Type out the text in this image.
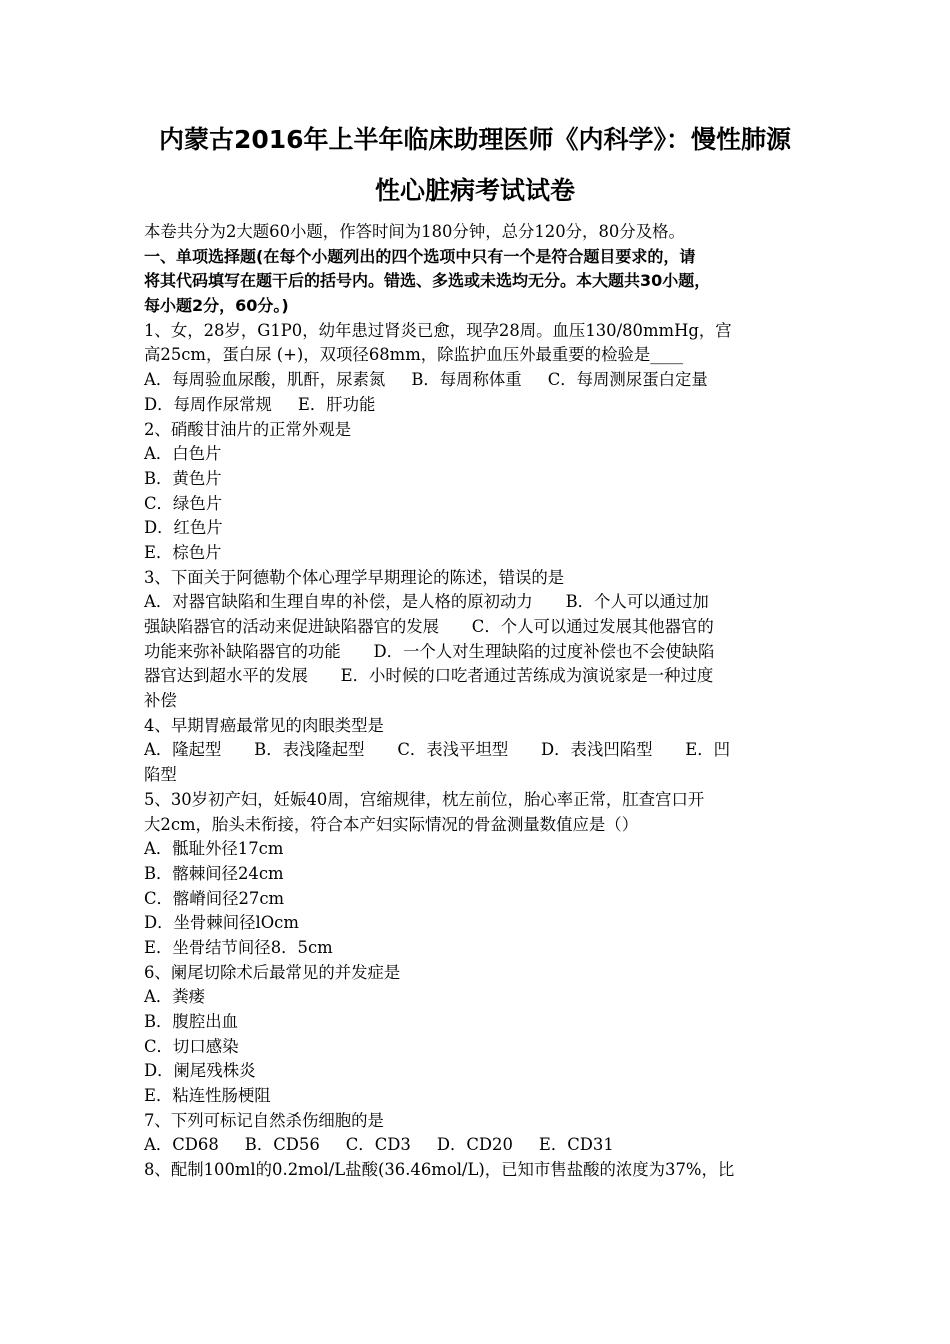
内蒙古2016年上半年临床助理医师《内科学》：慢性肺源
性心脏病考试试卷
本卷共分为2大题60小题，作答时间为180分钟，总分120分，80分及格。
一、单项选择题(在每个小题列出的四个选项中只有一个是符合题目要求的，请
将其代码填写在题干后的括号内。错选、多选或未选均无分。本大题共30小题，
每小题2分，60分。)
1、女，28岁，G1P0，幼年患过肾炎已愈，现孕28周。血压130/80mmHg，宫
高25cm，蛋白尿 (+)，双项径68mm，除监护血压外最重要的检验是____
A．每周验血尿酸，肌酐，尿素氮 B．每周称体重 C．每周测尿蛋白定量
D．每周作尿常规 E．肝功能
2、硝酸甘油片的正常外观是
A．白色片
B．黄色片
C．绿色片
D．红色片
E．棕色片
3、下面关于阿德勒个体心理学早期理论的陈述，错误的是
A．对器官缺陷和生理自卑的补偿，是人格的原初动力　　B．个人可以通过加
强缺陷器官的活动来促进缺陷器官的发展　　C．个人可以通过发展其他器官的
功能来弥补缺陷器官的功能　　D．一个人对生理缺陷的过度补偿也不会使缺陷
器官达到超水平的发展　　E．小时候的口吃者通过苦练成为演说家是一种过度
补偿
4、早期胃癌最常见的肉眼类型是
A．隆起型　　B．表浅隆起型　　C．表浅平坦型　　D．表浅凹陷型　　E．凹
陷型
5、30岁初产妇，妊娠40周，宫缩规律，枕左前位，胎心率正常，肛查宫口开
大2cm，胎头未衔接，符合本产妇实际情况的骨盆测量数值应是（）
A．骶耻外径17cm
B．髂棘间径24cm
C．髂嵴间径27cm
D．坐骨棘间径lOcm
E．坐骨结节间径8．5cm
6、阑尾切除术后最常见的并发症是
A．粪瘘
B．腹腔出血
C．切口感染
D．阑尾残株炎
E．粘连性肠梗阻
7、下列可标记自然杀伤细胞的是
A．CD68 B．CD56 C．CD3 D．CD20 E．CD31
8、配制100ml的0.2mol/L盐酸(36.46mol/L)，已知市售盐酸的浓度为37%，比
